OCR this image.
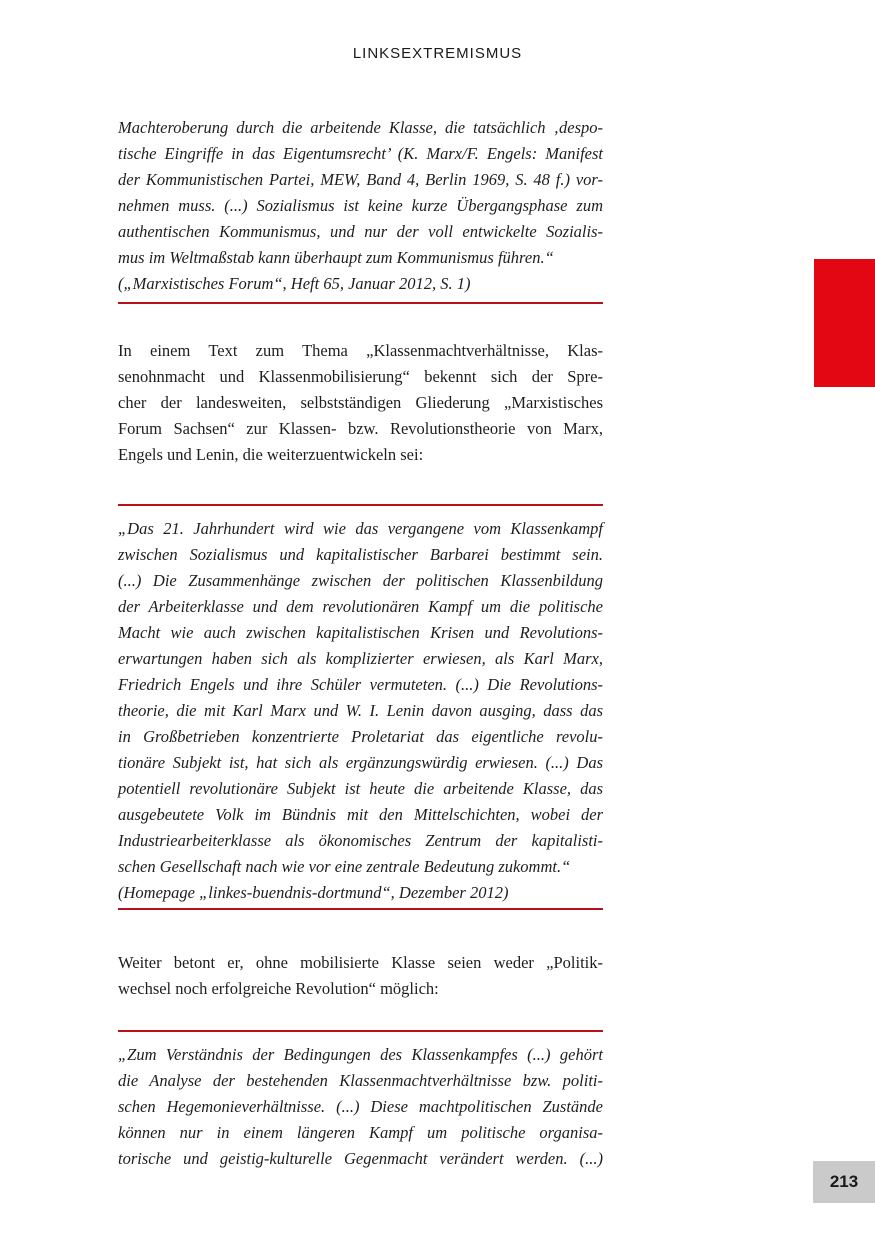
LINKSEXTREMISMUS
Machteroberung durch die arbeitende Klasse, die tatsächlich ‚despo-
tische Eingriffe in das Eigentumsrecht’ (K. Marx/F. Engels: Manifest
der Kommunistischen Partei, MEW, Band 4, Berlin 1969, S. 48 f.) vor-
nehmen muss. (...) Sozialismus ist keine kurze Übergangsphase zum
authentischen Kommunismus, und nur der voll entwickelte Sozialis-
mus im Weltmaßstab kann überhaupt zum Kommunismus führen.“
(„Marxistisches Forum“, Heft 65, Januar 2012, S. 1)
In einem Text zum Thema „Klassenmachtverhältnisse, Klas-
senohnmacht und Klassenmobilisierung“ bekennt sich der Spre-
cher der landesweiten, selbstständigen Gliederung „Marxistisches
Forum Sachsen“ zur Klassen- bzw. Revolutionstheorie von Marx,
Engels und Lenin, die weiterzuentwickeln sei:
„Das 21. Jahrhundert wird wie das vergangene vom Klassenkampf
zwischen Sozialismus und kapitalistischer Barbarei bestimmt sein.
(...) Die Zusammenhänge zwischen der politischen Klassenbildung
der Arbeiterklasse und dem revolutionären Kampf um die politische
Macht wie auch zwischen kapitalistischen Krisen und Revolutions-
erwartungen haben sich als komplizierter erwiesen, als Karl Marx,
Friedrich Engels und ihre Schüler vermuteten. (...) Die Revolutions-
theorie, die mit Karl Marx und W. I. Lenin davon ausging, dass das
in Großbetrieben konzentrierte Proletariat das eigentliche revolu-
tionäre Subjekt ist, hat sich als ergänzungswürdig erwiesen. (...) Das
potentiell revolutionäre Subjekt ist heute die arbeitende Klasse, das
ausgebeutete Volk im Bündnis mit den Mittelschichten, wobei der
Industriearbeiterklasse als ökonomisches Zentrum der kapitalisti-
schen Gesellschaft nach wie vor eine zentrale Bedeutung zukommt.“
(Homepage „linkes-buendnis-dortmund“, Dezember 2012)
Weiter betont er, ohne mobilisierte Klasse seien weder „Politik-
wechsel noch erfolgreiche Revolution“ möglich:
„Zum Verständnis der Bedingungen des Klassenkampfes (...) gehört
die Analyse der bestehenden Klassenmachtverhältnisse bzw. politi-
schen Hegemonieverhältnisse. (...) Diese machtpolitischen Zustände
können nur in einem längeren Kampf um politische organisa-
torische und geistig-kulturelle Gegenmacht verändert werden. (...)
213
